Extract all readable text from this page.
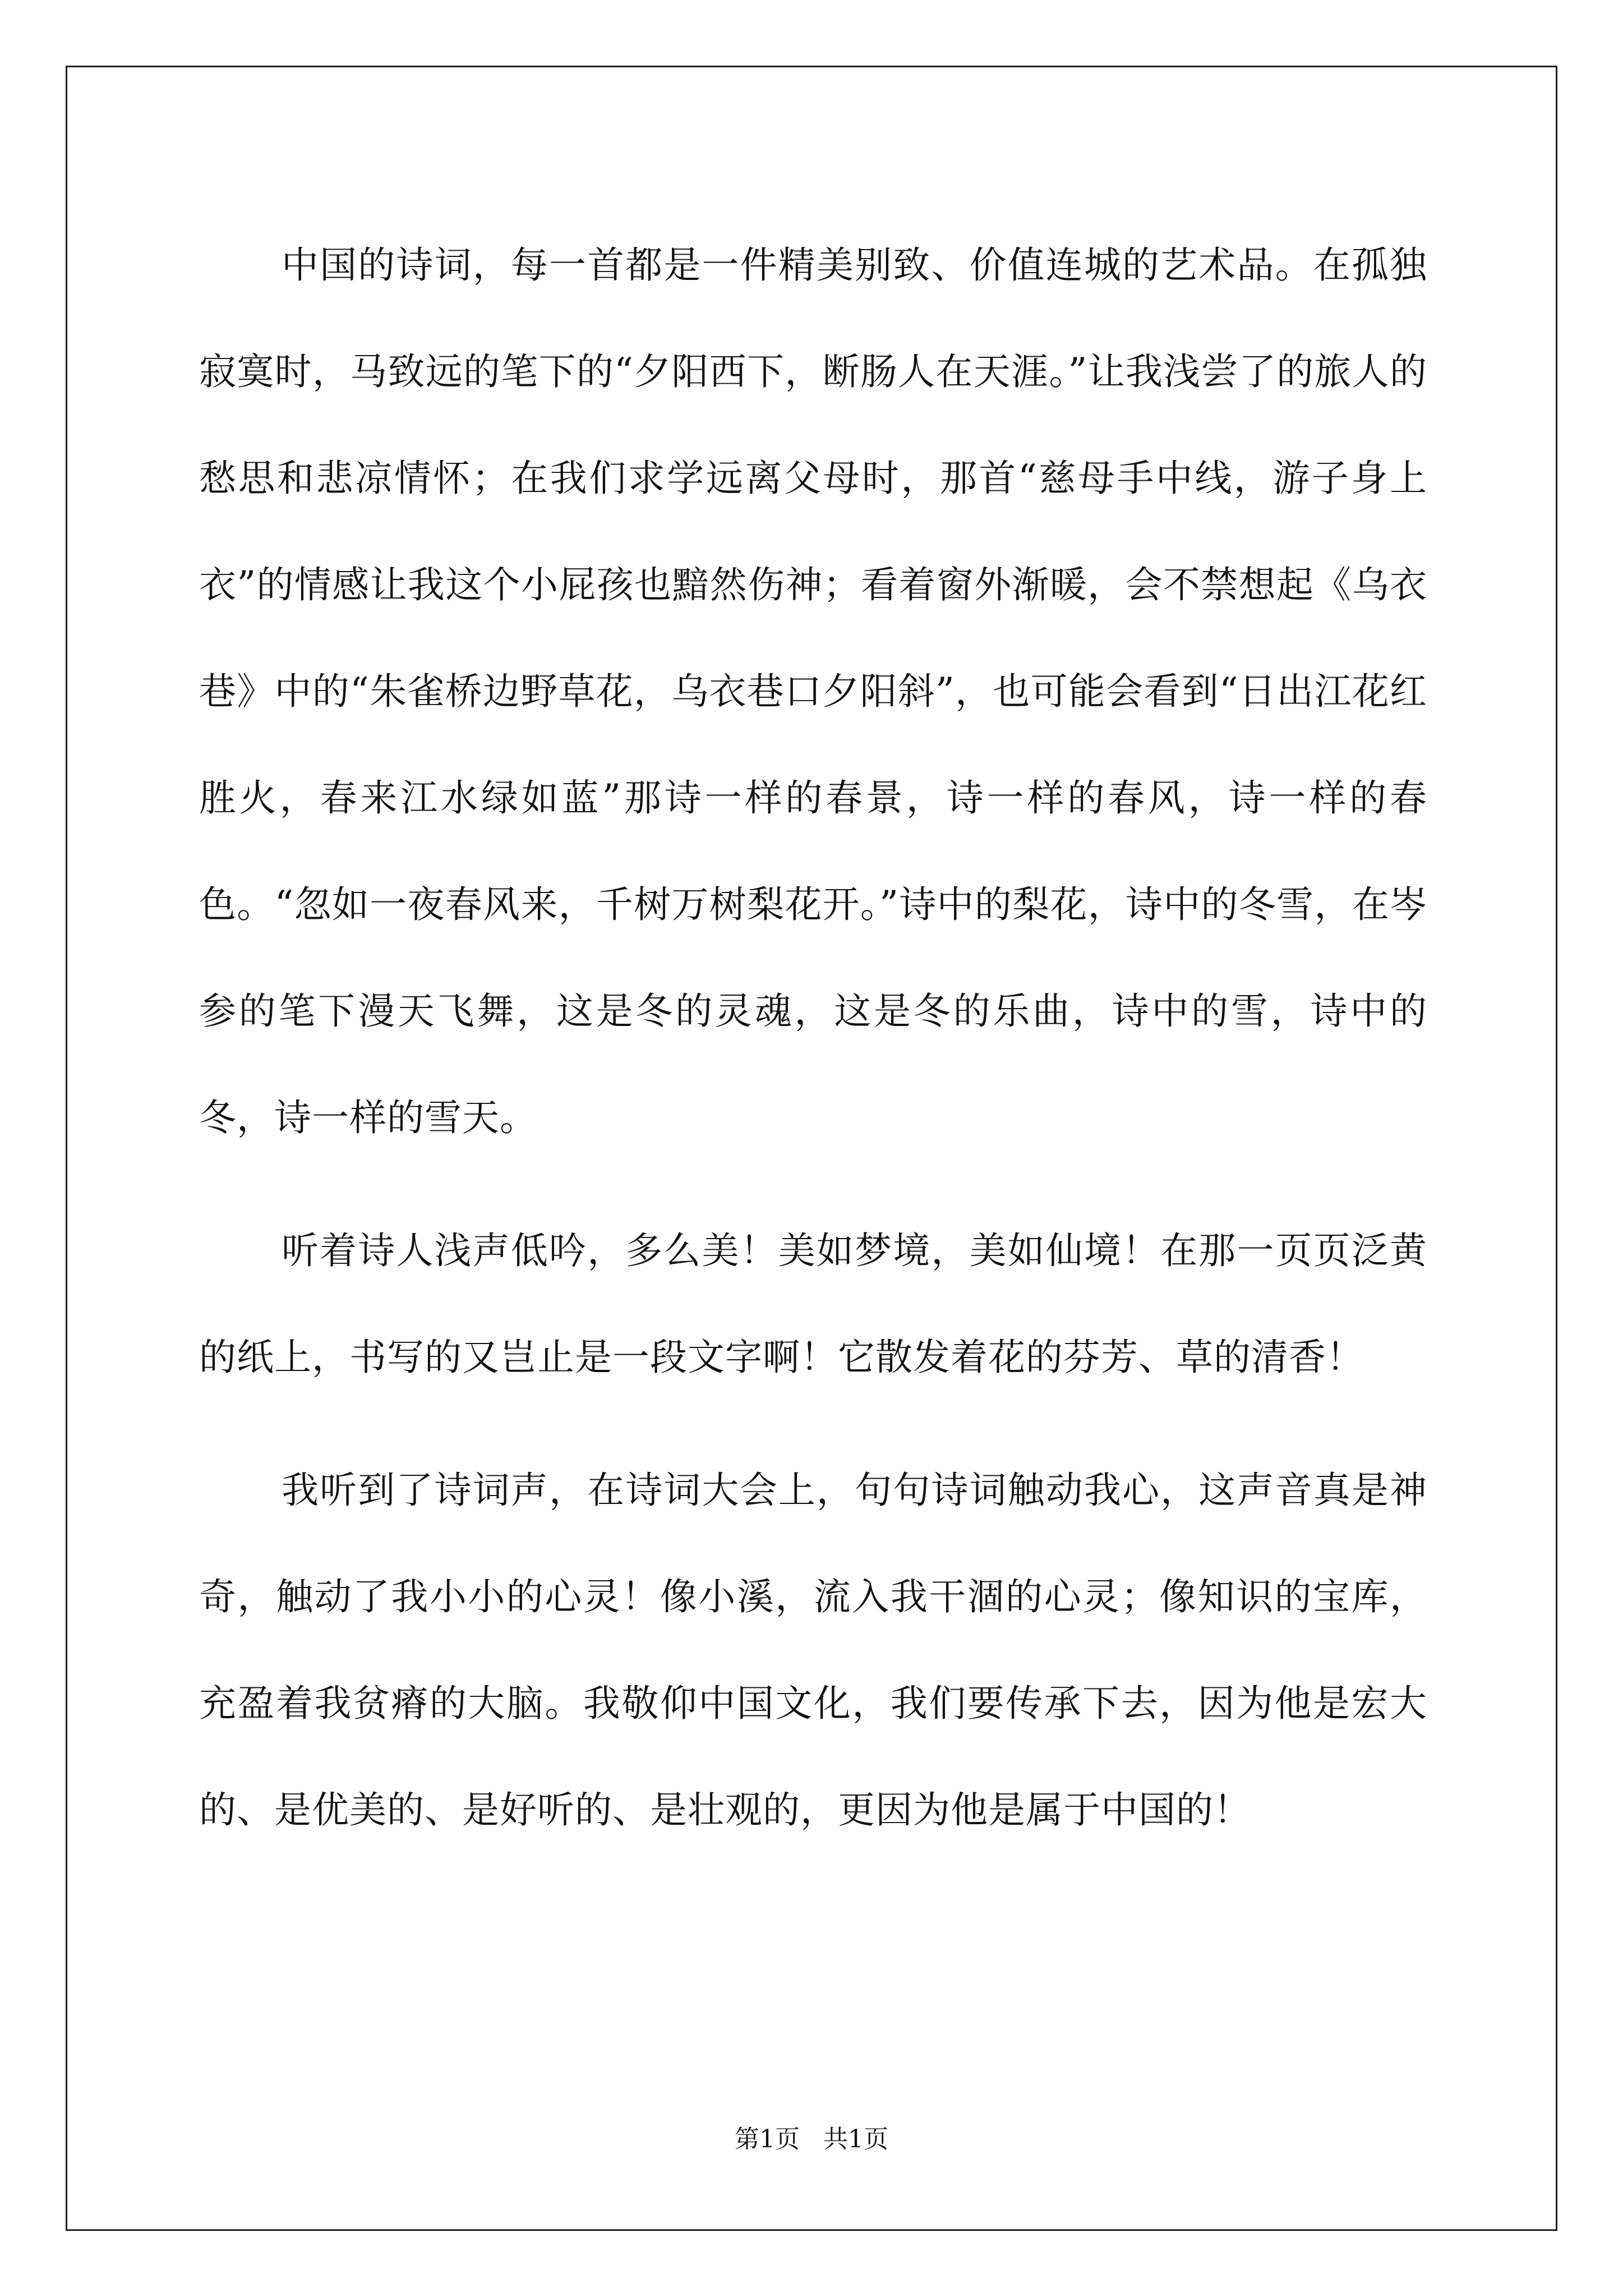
中国的诗词，每一首都是一件精美别致、价值连城的艺术品。在孤独寂寞时，马致远的笔下的“夕阳西下，断肠人在天涯。”让我浅尝了的旅人的愁思和悲凉情怀；在我们求学远离父母时，那首“慈母手中线，游子身上衣”的情感让我这个小屁孩也黯然伤神；看着窗外渐暖，会不禁想起《乌衣巷》中的“朱雀桥边野草花，乌衣巷口夕阳斜”，也可能会看到“日出江花红胜火，春来江水绿如蓝”那诗一样的春景，诗一样的春风，诗一样的春色。“忽如一夜春风来，千树万树梨花开。”诗中的梨花，诗中的冬雪，在岑参的笔下漫天飞舞，这是冬的灵魂，这是冬的乐曲，诗中的雪，诗中的冬，诗一样的雪天。

听着诗人浅声低吟，多么美！美如梦境，美如仙境！在那一页页泛黄的纸上，书写的又岂止是一段文字啊！它散发着花的芬芳、草的清香！

我听到了诗词声，在诗词大会上，句句诗词触动我心，这声音真是神奇，触动了我小小的心灵！像小溪，流入我干涸的心灵；像知识的宝库，充盈着我贫瘠的大脑。我敬仰中国文化，我们要传承下去，因为他是宏大的、是优美的、是好听的、是壮观的，更因为他是属于中国的！

第1页   共1页
